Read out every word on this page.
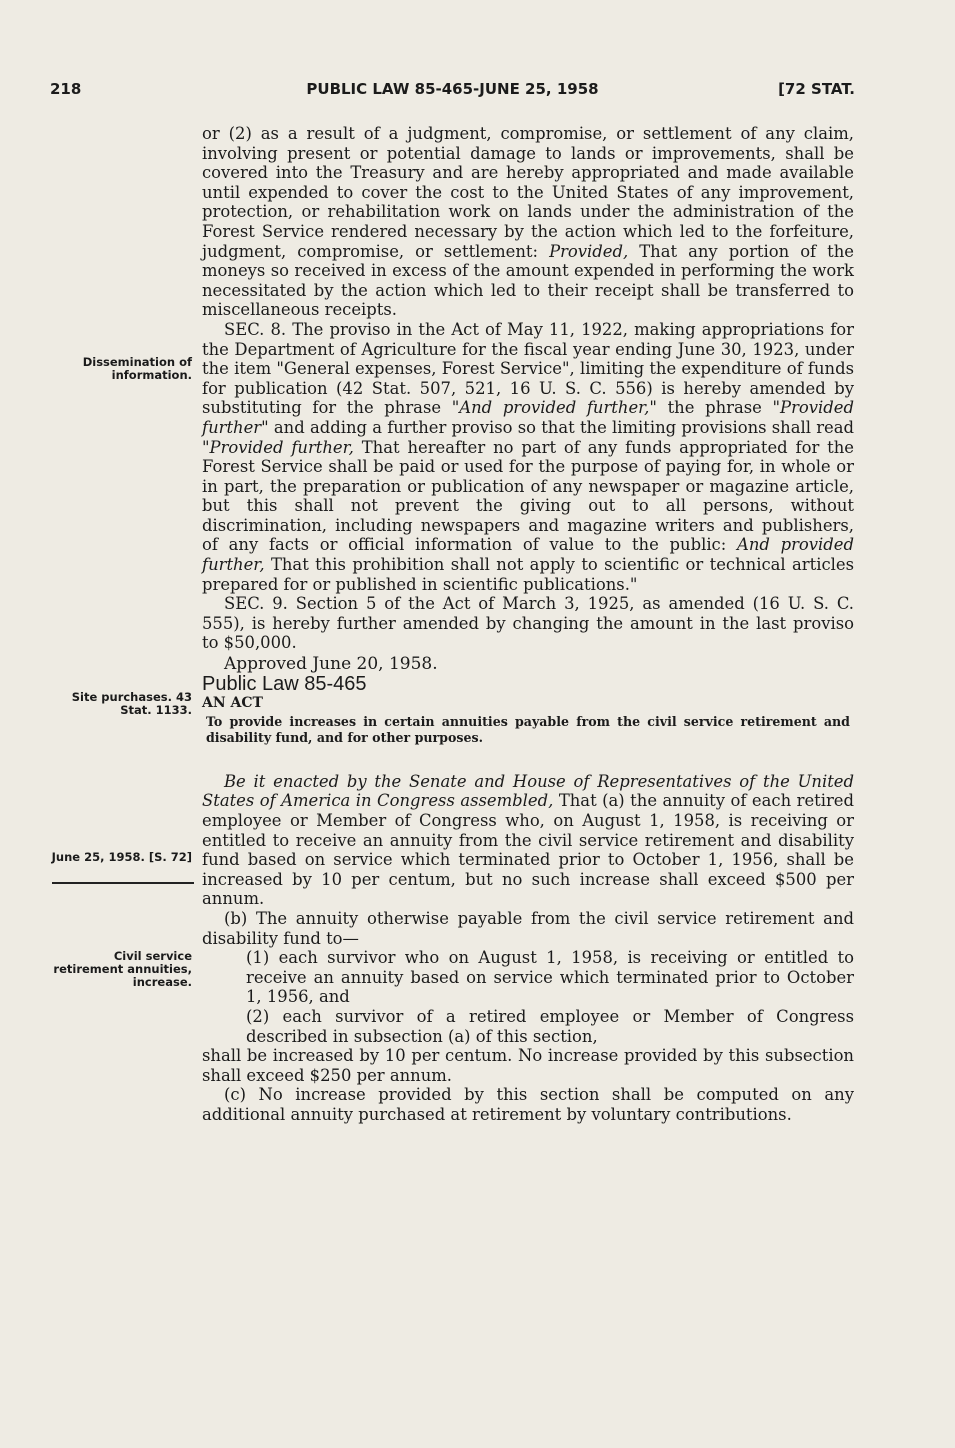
218	PUBLIC LAW 85-465-JUNE 25, 1958	[72 STAT.
Dissemination of information.
Site purchases. 43 Stat. 1133.
June 25, 1958. [S. 72]
Civil service retirement annuities, increase.

or (2) as a result of a judgment, compromise, or settlement of any claim, involving present or potential damage to lands or improvements, shall be covered into the Treasury and are hereby appropriated and made available until expended to cover the cost to the United States of any improvement, protection, or rehabilitation work on lands under the administration of the Forest Service rendered necessary by the action which led to the forfeiture, judgment, compromise, or settlement: Provided, That any portion of the moneys so received in excess of the amount expended in performing the work necessitated by the action which led to their receipt shall be transferred to miscellaneous receipts.

SEC. 8. The proviso in the Act of May 11, 1922, making appropriations for the Department of Agriculture for the fiscal year ending June 30, 1923, under the item "General expenses, Forest Service", limiting the expenditure of funds for publication (42 Stat. 507, 521, 16 U. S. C. 556) is hereby amended by substituting for the phrase "And provided further," the phrase "Provided further" and adding a further proviso so that the limiting provisions shall read "Provided further, That hereafter no part of any funds appropriated for the Forest Service shall be paid or used for the purpose of paying for, in whole or in part, the preparation or publication of any newspaper or magazine article, but this shall not prevent the giving out to all persons, without discrimination, including newspapers and magazine writers and publishers, of any facts or official information of value to the public: And provided further, That this prohibition shall not apply to scientific or technical articles prepared for or published in scientific publications."

SEC. 9. Section 5 of the Act of March 3, 1925, as amended (16 U. S. C. 555), is hereby further amended by changing the amount in the last proviso to $50,000.

Approved June 20, 1958.

Public Law 85-465

AN ACT

To provide increases in certain annuities payable from the civil service retirement and disability fund, and for other purposes.

Be it enacted by the Senate and House of Representatives of the United States of America in Congress assembled, That (a) the annuity of each retired employee or Member of Congress who, on August 1, 1958, is receiving or entitled to receive an annuity from the civil service retirement and disability fund based on service which terminated prior to October 1, 1956, shall be increased by 10 per centum, but no such increase shall exceed $500 per annum.

(b) The annuity otherwise payable from the civil service retirement and disability fund to—

(1) each survivor who on August 1, 1958, is receiving or entitled to receive an annuity based on service which terminated prior to October 1, 1956, and

(2) each survivor of a retired employee or Member of Congress described in subsection (a) of this section,

shall be increased by 10 per centum. No increase provided by this subsection shall exceed $250 per annum.

(c) No increase provided by this section shall be computed on any additional annuity purchased at retirement by voluntary contributions.
